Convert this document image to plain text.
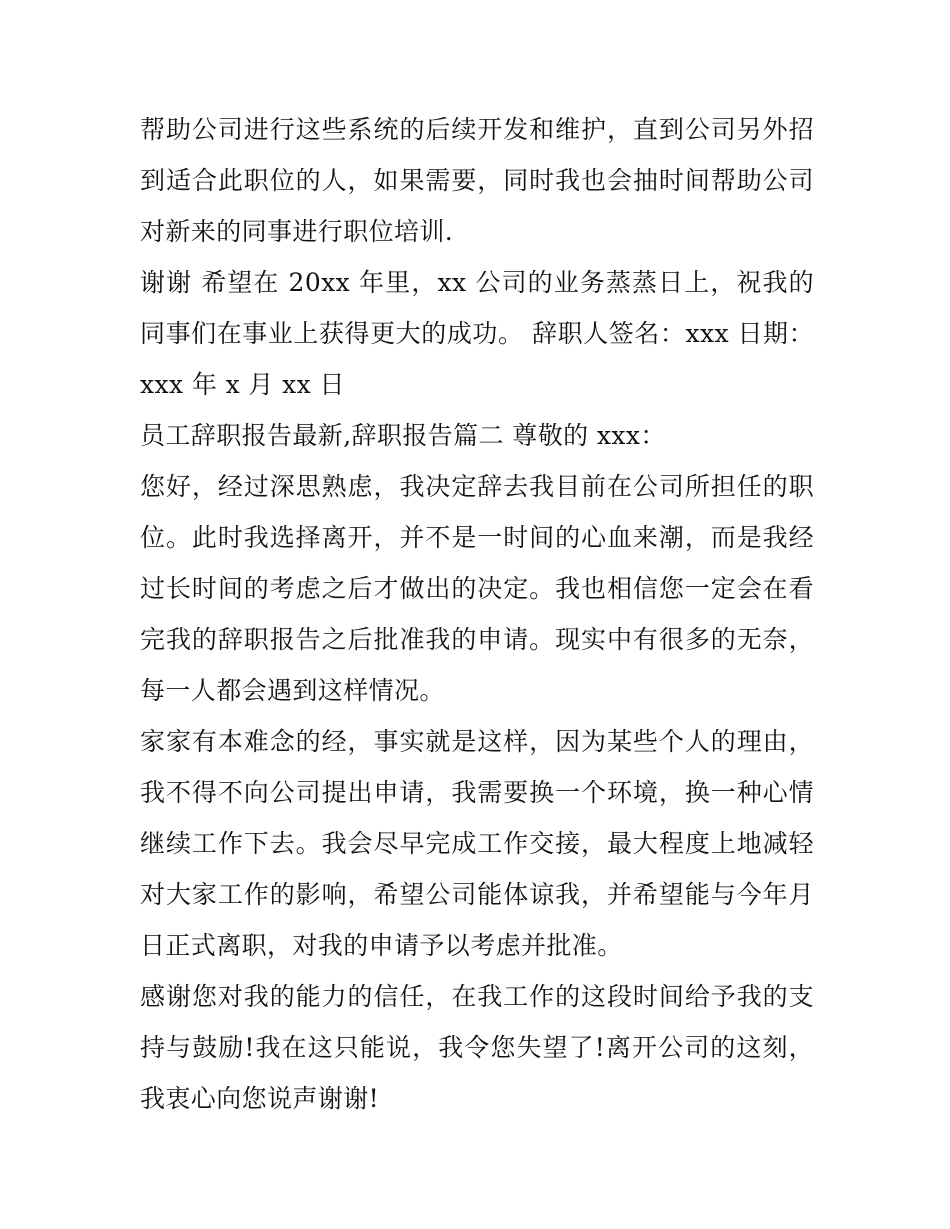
帮助公司进行这些系统的后续开发和维护，直到公司另外招到适合此职位的人，如果需要，同时我也会抽时间帮助公司对新来的同事进行职位培训.

谢谢 希望在 20xx 年里，xx 公司的业务蒸蒸日上，祝我的同事们在事业上获得更大的成功。 辞职人签名：xxx 日期： xxx 年 x 月 xx 日

员工辞职报告最新,辞职报告篇二 尊敬的 xxx：

您好，经过深思熟虑，我决定辞去我目前在公司所担任的职位。此时我选择离开，并不是一时间的心血来潮，而是我经过长时间的考虑之后才做出的决定。我也相信您一定会在看完我的辞职报告之后批准我的申请。现实中有很多的无奈，每一人都会遇到这样情况。

家家有本难念的经，事实就是这样，因为某些个人的理由，我不得不向公司提出申请，我需要换一个环境，换一种心情继续工作下去。我会尽早完成工作交接，最大程度上地减轻对大家工作的影响，希望公司能体谅我，并希望能与今年月日正式离职，对我的申请予以考虑并批准。

感谢您对我的能力的信任，在我工作的这段时间给予我的支持与鼓励!我在这只能说，我令您失望了!离开公司的这刻，我衷心向您说声谢谢!
